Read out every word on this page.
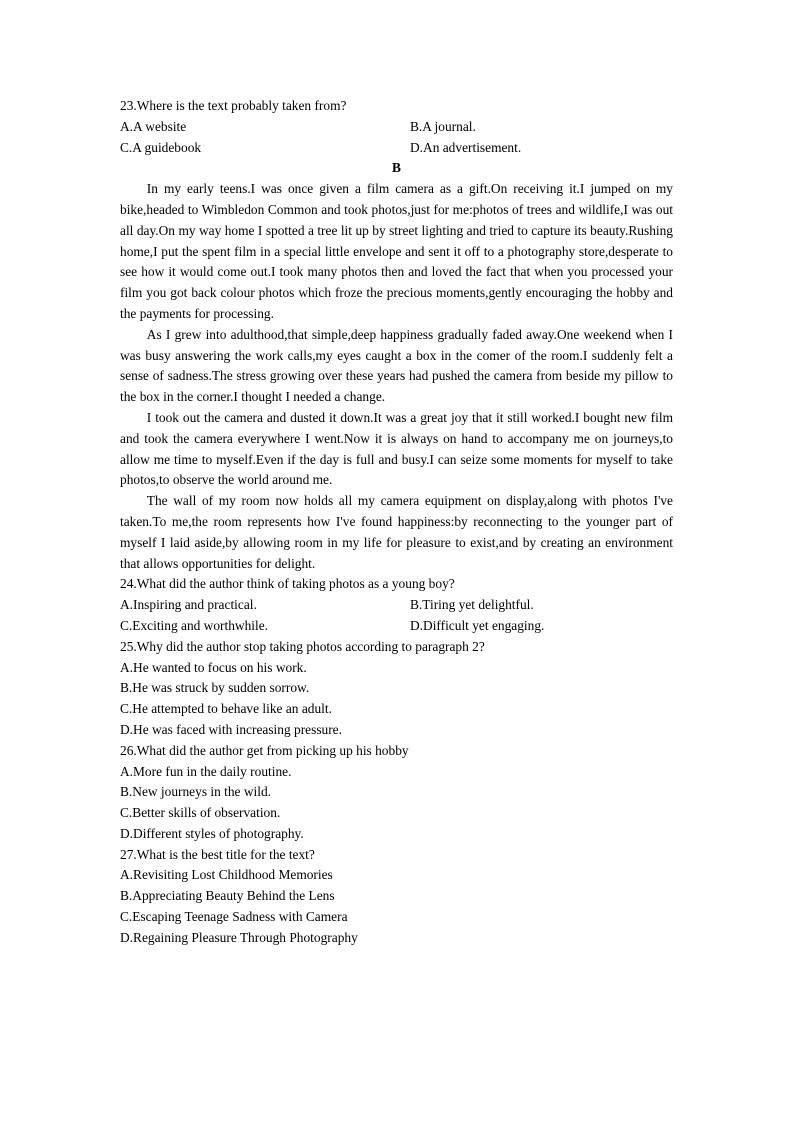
23.Where is the text probably taken from?
A.A website	B.A journal.
C.A guidebook	D.An advertisement.
B

In my early teens.I was once given a film camera as a gift.On receiving it.I jumped on my bike,headed to Wimbledon Common and took photos,just for me:photos of trees and wildlife,I was out all day.On my way home I spotted a tree lit up by street lighting and tried to capture its beauty.Rushing home,I put the spent film in a special little envelope and sent it off to a photography store,desperate to see how it would come out.I took many photos then and loved the fact that when you processed your film you got back colour photos which froze the precious moments,gently encouraging the hobby and the payments for processing.

As I grew into adulthood,that simple,deep happiness gradually faded away.One weekend when I was busy answering the work calls,my eyes caught a box in the comer of the room.I suddenly felt a sense of sadness.The stress growing over these years had pushed the camera from beside my pillow to the box in the corner.I thought I needed a change.

I took out the camera and dusted it down.It was a great joy that it still worked.I bought new film and took the camera everywhere I went.Now it is always on hand to accompany me on journeys,to allow me time to myself.Even if the day is full and busy.I can seize some moments for myself to take photos,to observe the world around me.

The wall of my room now holds all my camera equipment on display,along with photos I've taken.To me,the room represents how I've found happiness:by reconnecting to the younger part of myself I laid aside,by allowing room in my life for pleasure to exist,and by creating an environment that allows opportunities for delight.

24.What did the author think of taking photos as a young boy?
A.Inspiring and practical.	B.Tiring yet delightful.
C.Exciting and worthwhile.	D.Difficult yet engaging.
25.Why did the author stop taking photos according to paragraph 2?
A.He wanted to focus on his work.
B.He was struck by sudden sorrow.
C.He attempted to behave like an adult.
D.He was faced with increasing pressure.
26.What did the author get from picking up his hobby
A.More fun in the daily routine.
B.New journeys in the wild.
C.Better skills of observation.
D.Different styles of photography.
27.What is the best title for the text?
A.Revisiting Lost Childhood Memories
B.Appreciating Beauty Behind the Lens
C.Escaping Teenage Sadness with Camera
D.Regaining Pleasure Through Photography
